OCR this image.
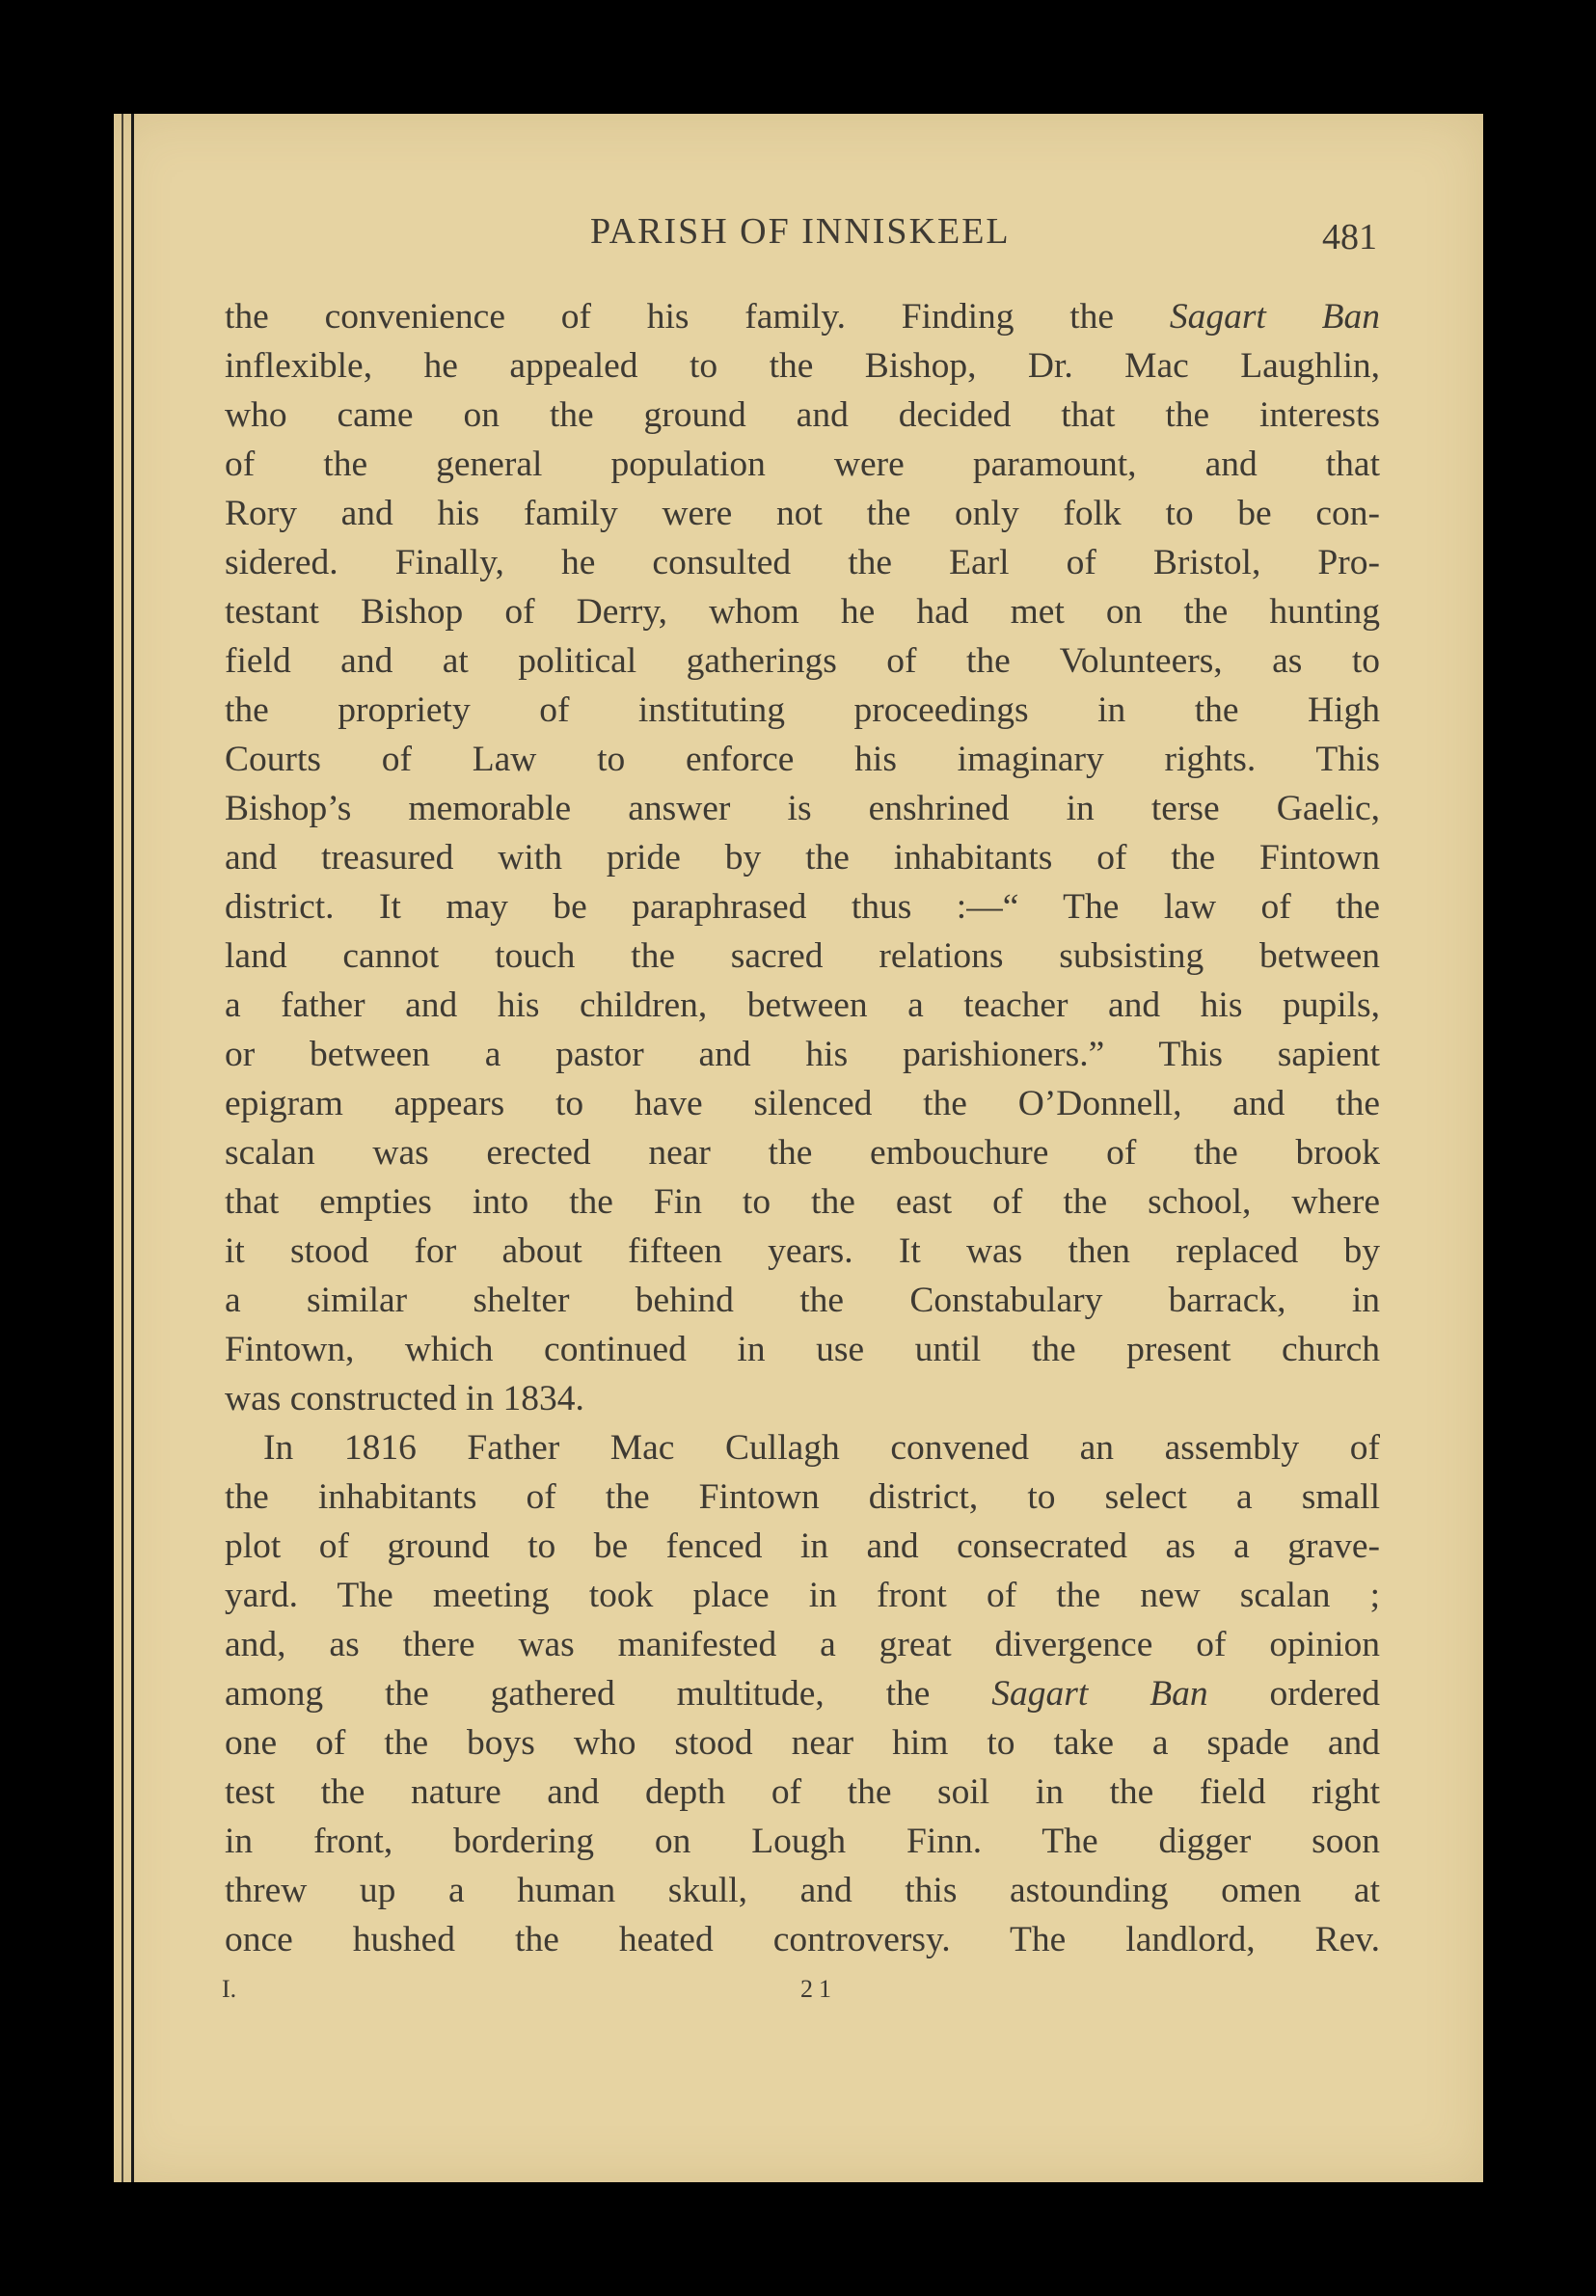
PARISH OF INNISKEEL	481
the convenience of his family. Finding the Sagart Ban
inflexible, he appealed to the Bishop, Dr. Mac Laughlin,
who came on the ground and decided that the interests
of the general population were paramount, and that
Rory and his family were not the only folk to be con-
sidered. Finally, he consulted the Earl of Bristol, Pro-
testant Bishop of Derry, whom he had met on the hunting
field and at political gatherings of the Volunteers, as to
the propriety of instituting proceedings in the High
Courts of Law to enforce his imaginary rights. This
Bishop’s memorable answer is enshrined in terse Gaelic,
and treasured with pride by the inhabitants of the Fintown
district. It may be paraphrased thus :—“ The law of the
land cannot touch the sacred relations subsisting between
a father and his children, between a teacher and his pupils,
or between a pastor and his parishioners.” This sapient
epigram appears to have silenced the O’Donnell, and the
scalan was erected near the embouchure of the brook
that empties into the Fin to the east of the school, where
it stood for about fifteen years. It was then replaced by
a similar shelter behind the Constabulary barrack, in
Fintown, which continued in use until the present church
was constructed in 1834.
In 1816 Father Mac Cullagh convened an assembly of
the inhabitants of the Fintown district, to select a small
plot of ground to be fenced in and consecrated as a grave-
yard. The meeting took place in front of the new scalan ;
and, as there was manifested a great divergence of opinion
among the gathered multitude, the Sagart Ban ordered
one of the boys who stood near him to take a spade and
test the nature and depth of the soil in the field right
in front, bordering on Lough Finn. The digger soon
threw up a human skull, and this astounding omen at
once hushed the heated controversy. The landlord, Rev.
I.	21
